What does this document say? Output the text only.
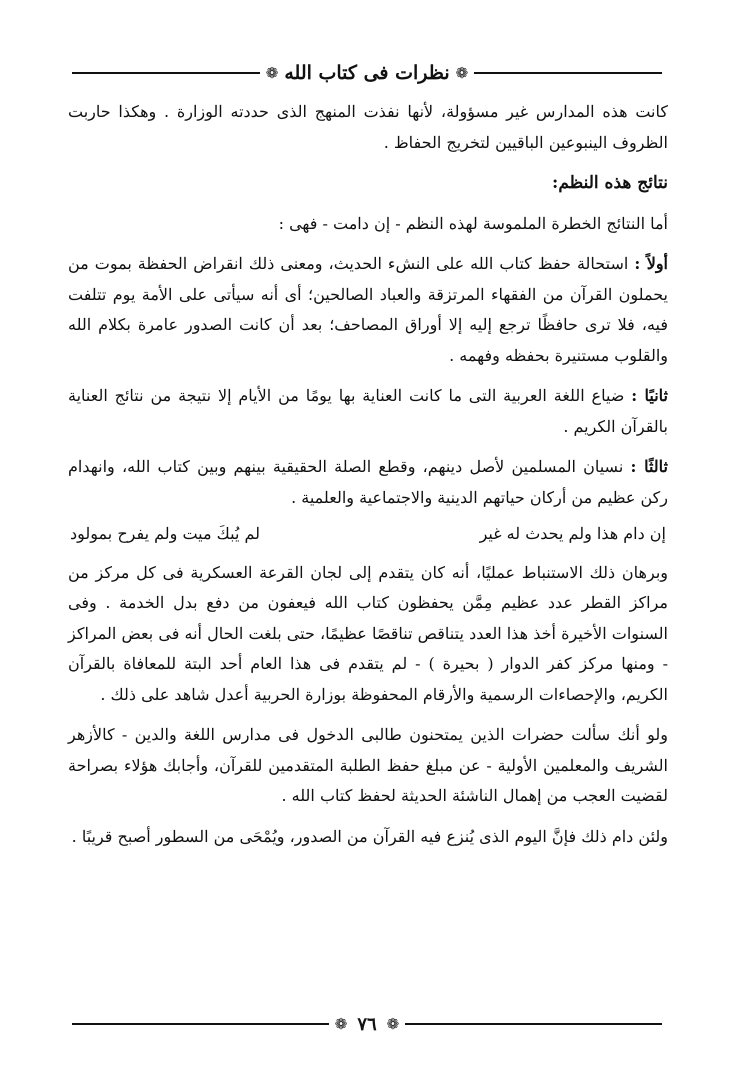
❁
نظرات فى كتاب الله
❁

كانت هذه المدارس غير مسؤولة، لأنها نفذت المنهج الذى حددته الوزارة . وهكذا حاربت الظروف الينبوعين الباقيين لتخريج الحفاظ .

نتائج هذه النظم:

أما النتائج الخطرة الملموسة لهذه النظم - إن دامت - فهى :

أولاً : استحالة حفظ كتاب الله على النشء الحديث، ومعنى ذلك انقراض الحفظة بموت من يحملون القرآن من الفقهاء المرتزقة والعباد الصالحين؛ أى أنه سيأتى على الأمة يوم تتلفت فيه، فلا ترى حافظًا ترجع إليه إلا أوراق المصاحف؛ بعد أن كانت الصدور عامرة بكلام الله والقلوب مستنيرة بحفظه وفهمه .

ثانيًا : ضياع اللغة العربية التى ما كانت العناية بها يومًا من الأيام إلا نتيجة من نتائج العناية بالقرآن الكريم .

ثالثًا : نسيان المسلمين لأصل دينهم، وقطع الصلة الحقيقية بينهم وبين كتاب الله، وانهدام ركن عظيم من أركان حياتهم الدينية والاجتماعية والعلمية .

إن دام هذا ولم يحدث له غير
لم يُبكَ ميت ولم يفرح بمولود

وبرهان ذلك الاستنباط عمليًا، أنه كان يتقدم إلى لجان القرعة العسكرية فى كل مركز من مراكز القطر عدد عظيم مِمَّن يحفظون كتاب الله فيعفون من دفع بدل الخدمة . وفى السنوات الأخيرة أخذ هذا العدد يتناقص تناقصًا عظيمًا، حتى بلغت الحال أنه فى بعض المراكز - ومنها مركز كفر الدوار ( بحيرة ) - لم يتقدم فى هذا العام أحد البتة للمعافاة بالقرآن الكريم، والإحصاءات الرسمية والأرقام المحفوظة بوزارة الحربية أعدل شاهد على ذلك .

ولو أنك سألت حضرات الذين يمتحنون طالبى الدخول فى مدارس اللغة والدين - كالأزهر الشريف والمعلمين الأولية - عن مبلغ حفظ الطلبة المتقدمين للقرآن، وأجابك هؤلاء بصراحة لقضيت العجب من إهمال الناشئة الحديثة لحفظ كتاب الله .

ولئن دام ذلك فإنَّ اليوم الذى يُنزع فيه القرآن من الصدور، ويُمْحَى من السطور أصبح قريبًا .

❁
٧٦
❁
